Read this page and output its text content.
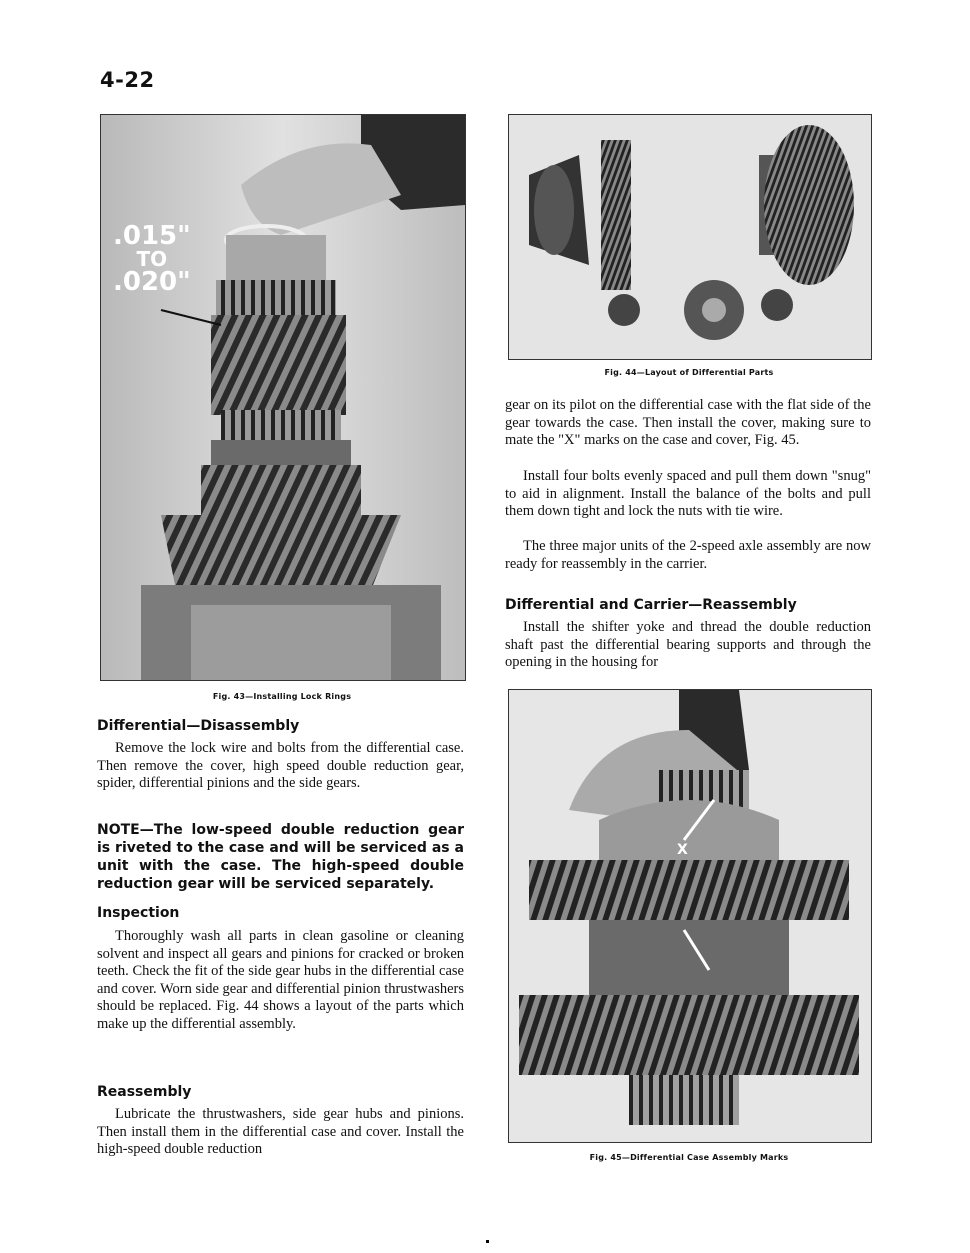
4-22
.015"
TO
.020"
Fig. 43—Installing Lock Rings
Fig. 44—Layout of Differential Parts

gear on its pilot on the differential case with the flat side of the gear towards the case. Then install the cover, making sure to mate the "X" marks on the case and cover, Fig. 45.

Install four bolts evenly spaced and pull them down "snug" to aid in alignment. Install the balance of the bolts and pull them down tight and lock the nuts with tie wire.

The three major units of the 2-speed axle assembly are now ready for reassembly in the carrier.

Differential and Carrier—Reassembly

Install the shifter yoke and thread the double reduction shaft past the differential bearing supports and through the opening in the housing for

X
Fig. 45—Differential Case Assembly Marks
Differential—Disassembly

Remove the lock wire and bolts from the differential case. Then remove the cover, high speed double reduction gear, spider, differential pinions and the side gears.

NOTE—The low-speed double reduction gear is riveted to the case and will be serviced as a unit with the case. The high-speed double reduction gear will be serviced separately.

Inspection

Thoroughly wash all parts in clean gasoline or cleaning solvent and inspect all gears and pinions for cracked or broken teeth. Check the fit of the side gear hubs in the differential case and cover. Worn side gear and differential pinion thrustwashers should be replaced. Fig. 44 shows a layout of the parts which make up the differential assembly.

Reassembly

Lubricate the thrustwashers, side gear hubs and pinions. Then install them in the differential case and cover. Install the high-speed double reduction
